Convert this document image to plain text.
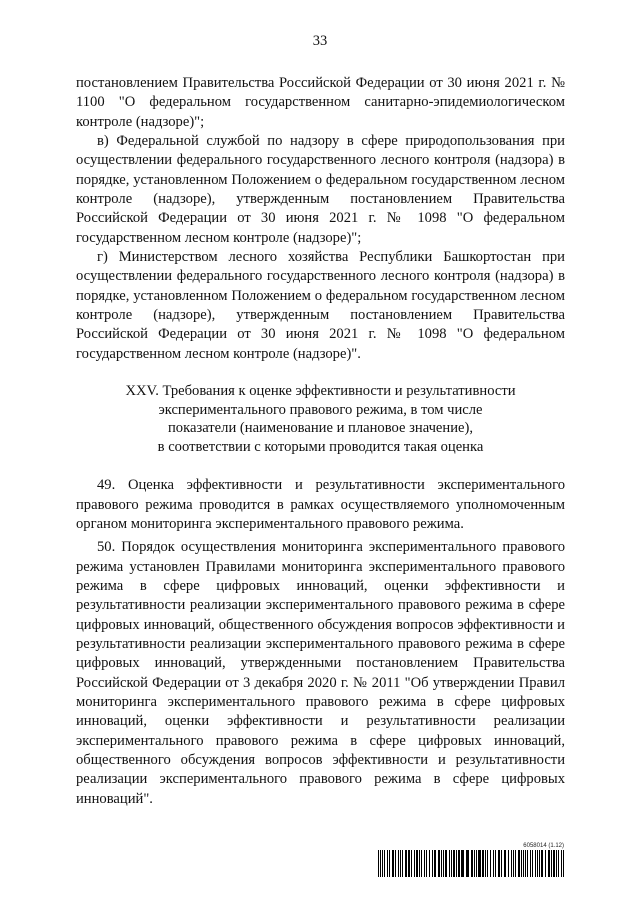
33

постановлением Правительства Российской Федерации от 30 июня 2021 г. № 1100 "О федеральном государственном санитарно-эпидемиологическом контроле (надзоре)";

в) Федеральной службой по надзору в сфере природопользования при осуществлении федерального государственного лесного контроля (надзора) в порядке, установленном Положением о федеральном государственном лесном контроле (надзоре), утвержденным постановлением Правительства Российской Федерации от 30 июня 2021 г. № 1098 "О федеральном государственном лесном контроле (надзоре)";

г) Министерством лесного хозяйства Республики Башкортостан при осуществлении федерального государственного лесного контроля (надзора) в порядке, установленном Положением о федеральном государственном лесном контроле (надзоре), утвержденным постановлением Правительства Российской Федерации от 30 июня 2021 г. № 1098 "О федеральном государственном лесном контроле (надзоре)".

XXV. Требования к оценке эффективности и результативности
экспериментального правового режима, в том числе
показатели (наименование и плановое значение),
в соответствии с которыми проводится такая оценка

49. Оценка эффективности и результативности экспериментального правового режима проводится в рамках осуществляемого уполномоченным органом мониторинга экспериментального правового режима.

50. Порядок осуществления мониторинга экспериментального правового режима установлен Правилами мониторинга экспериментального правового режима в сфере цифровых инноваций, оценки эффективности и результативности реализации экспериментального правового режима в сфере цифровых инноваций, общественного обсуждения вопросов эффективности и результативности реализации экспериментального правового режима в сфере цифровых инноваций, утвержденными постановлением Правительства Российской Федерации от 3 декабря 2020 г. № 2011 "Об утверждении Правил мониторинга экспериментального правового режима в сфере цифровых инноваций, оценки эффективности и результативности реализации экспериментального правового режима в сфере цифровых инноваций, общественного обсуждения вопросов эффективности и результативности реализации экспериментального правового режима в сфере цифровых инноваций".

6058014 (1.12)
